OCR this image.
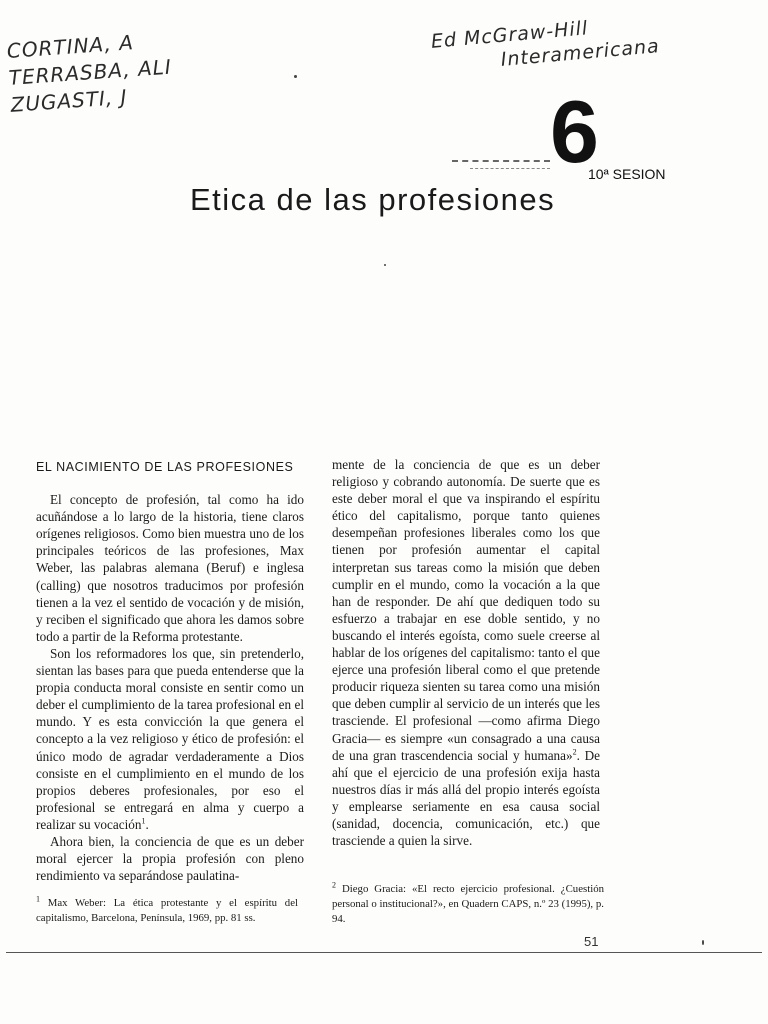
CORTINA, A
TERRASBA, ALI
ZUGASTI, J
Ed McGraw-Hill
Interamericana
6
10ª SESION
Etica de las profesiones
EL NACIMIENTO DE LAS PROFESIONES

El concepto de profesión, tal como ha ido acuñándose a lo largo de la historia, tiene claros orígenes religiosos. Como bien muestra uno de los principales teóricos de las profesiones, Max Weber, las palabras alemana (Beruf) e inglesa (calling) que nosotros traducimos por profesión tienen a la vez el sentido de vocación y de misión, y reciben el significado que ahora les damos sobre todo a partir de la Reforma protestante.

Son los reformadores los que, sin pretenderlo, sientan las bases para que pueda entenderse que la propia conducta moral consiste en sentir como un deber el cumplimiento de la tarea profesional en el mundo. Y es esta convicción la que genera el concepto a la vez religioso y ético de profesión: el único modo de agradar verdaderamente a Dios consiste en el cumplimiento en el mundo de los propios deberes profesionales, por eso el profesional se entregará en alma y cuerpo a realizar su vocación$^1$.

Ahora bien, la conciencia de que es un deber moral ejercer la propia profesión con pleno rendimiento va separándose paulatina-

mente de la conciencia de que es un deber religioso y cobrando autonomía. De suerte que es este deber moral el que va inspirando el espíritu ético del capitalismo, porque tanto quienes desempeñan profesiones liberales como los que tienen por profesión aumentar el capital interpretan sus tareas como la misión que deben cumplir en el mundo, como la vocación a la que han de responder. De ahí que dediquen todo su esfuerzo a trabajar en ese doble sentido, y no buscando el interés egoísta, como suele creerse al hablar de los orígenes del capitalismo: tanto el que ejerce una profesión liberal como el que pretende producir riqueza sienten su tarea como una misión que deben cumplir al servicio de un interés que les trasciende. El profesional —como afirma Diego Gracia— es siempre «un consagrado a una causa de una gran trascendencia social y humana»$^2$. De ahí que el ejercicio de una profesión exija hasta nuestros días ir más allá del propio interés egoísta y emplearse seriamente en esa causa social (sanidad, docencia, comunicación, etc.) que trasciende a quien la sirve.

$^1$ Max Weber: La ética protestante y el espíritu del capitalismo, Barcelona, Península, 1969, pp. 81 ss.
$^2$ Diego Gracia: «El recto ejercicio profesional. ¿Cuestión personal o institucional?», en Quadern CAPS, n.º 23 (1995), p. 94.
51
